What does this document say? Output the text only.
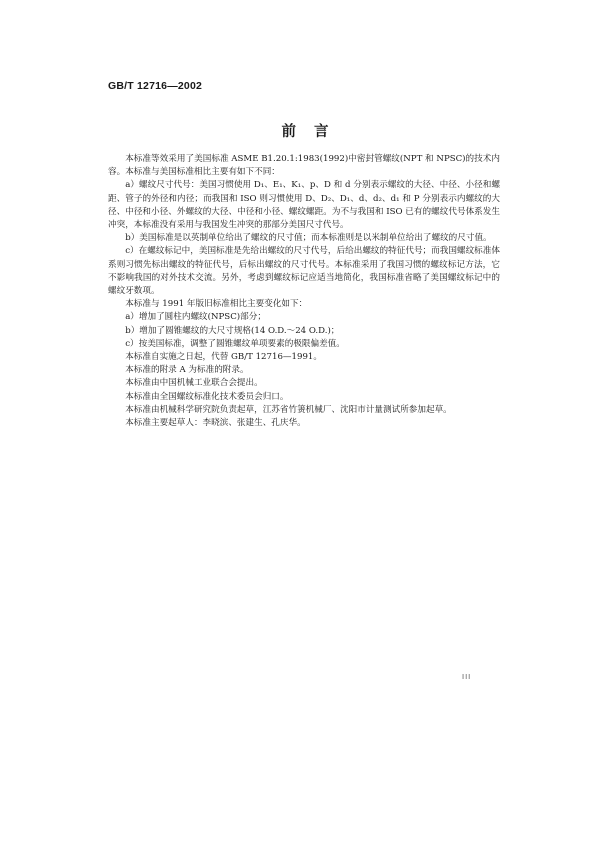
GB/T 12716—2002
前言

本标准等效采用了美国标准 ASME B1.20.1:1983(1992)中密封管螺纹(NPT 和 NPSC)的技术内容。本标准与美国标准相比主要有如下不同：

a）螺纹尺寸代号：美国习惯使用 D₁、E₁、K₁、p、D 和 d 分别表示螺纹的大径、中径、小径和螺距、管子的外径和内径；而我国和 ISO 则习惯使用 D、D₂、D₁、d、d₂、d₁ 和 P 分别表示内螺纹的大径、中径和小径、外螺纹的大径、中径和小径、螺纹螺距。为不与我国和 ISO 已有的螺纹代号体系发生冲突，本标准没有采用与我国发生冲突的那部分美国尺寸代号。

b）美国标准是以英制单位给出了螺纹的尺寸值；而本标准则是以米制单位给出了螺纹的尺寸值。

c）在螺纹标记中，美国标准是先给出螺纹的尺寸代号，后给出螺纹的特征代号；而我国螺纹标准体系则习惯先标出螺纹的特征代号，后标出螺纹的尺寸代号。本标准采用了我国习惯的螺纹标记方法，它不影响我国的对外技术交流。另外，考虑到螺纹标记应适当地简化，我国标准省略了美国螺纹标记中的螺纹牙数项。

本标准与 1991 年版旧标准相比主要变化如下：

a）增加了圆柱内螺纹(NPSC)部分；

b）增加了圆锥螺纹的大尺寸规格(14 O.D.～24 O.D.)；

c）按美国标准，调整了圆锥螺纹单项要素的极限偏差值。

本标准自实施之日起，代替 GB/T 12716—1991。

本标准的附录 A 为标准的附录。

本标准由中国机械工业联合会提出。

本标准由全国螺纹标准化技术委员会归口。

本标准由机械科学研究院负责起草，江苏省竹箦机械厂、沈阳市计量测试所参加起草。

本标准主要起草人：李晓滨、张建生、孔庆华。

III
